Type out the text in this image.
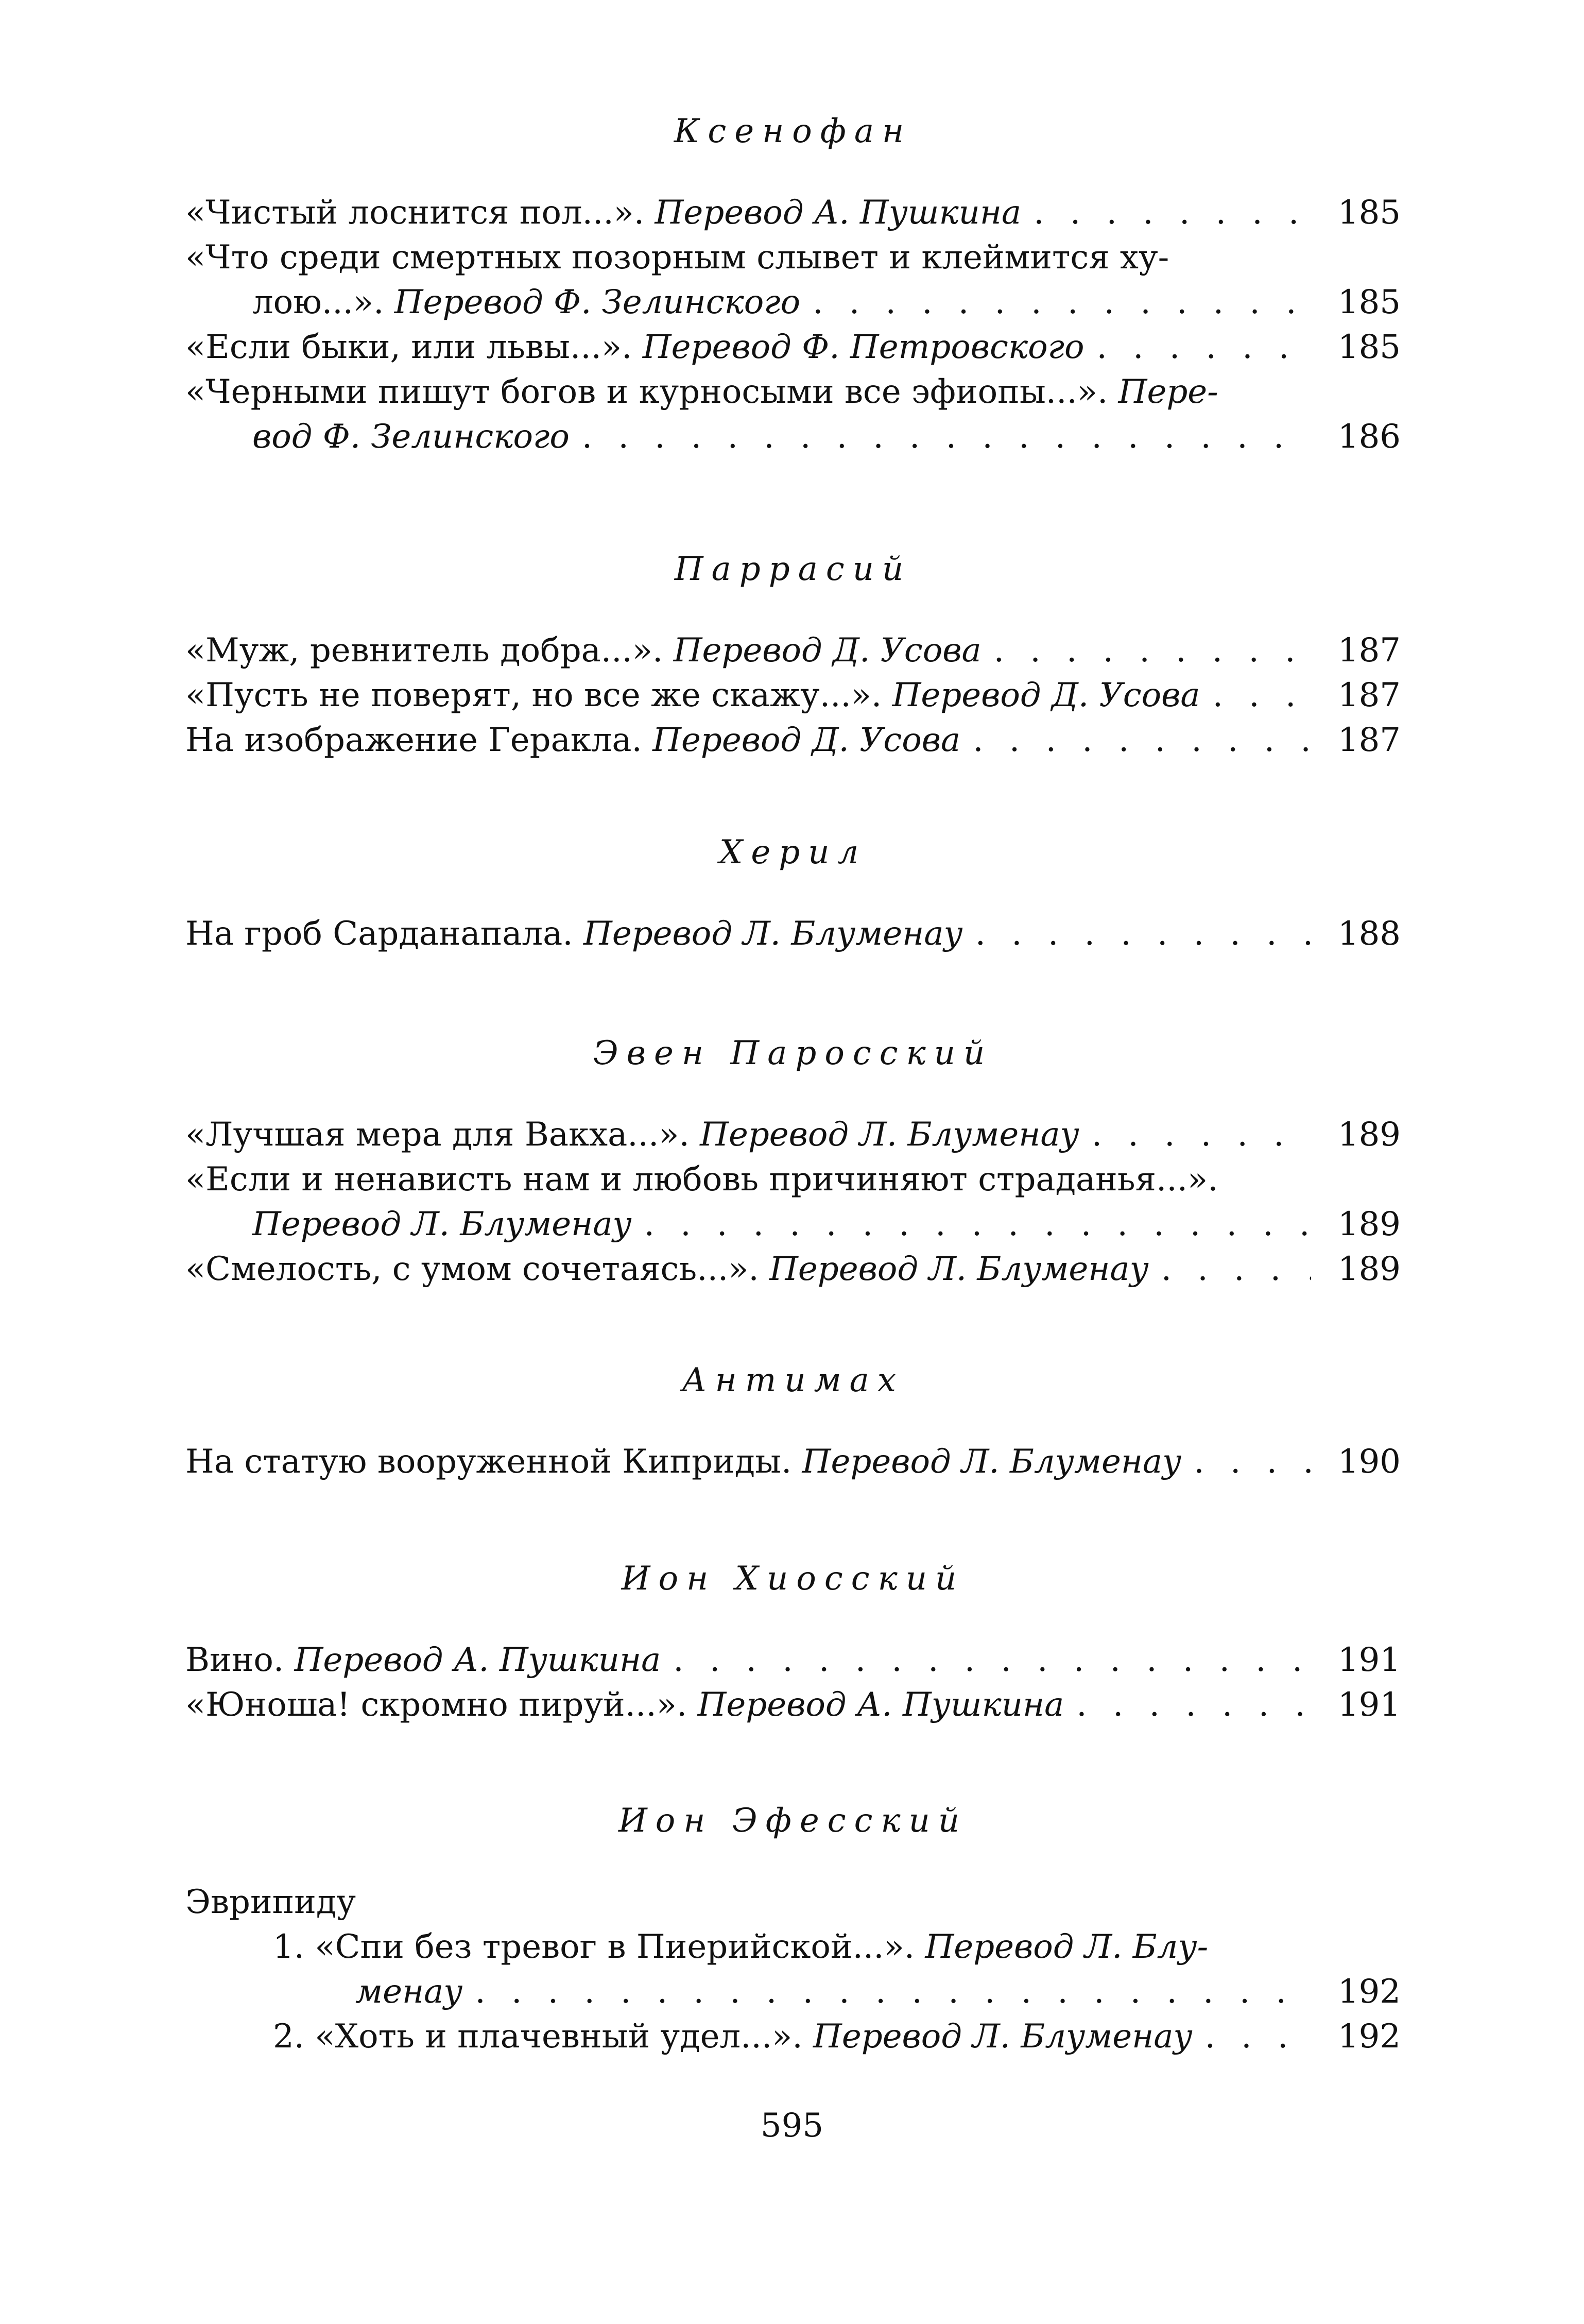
Ксенофан
«Чистый лоснится пол...». Перевод А. Пушкина . . .	185
«Что среди смертных позорным слывет и клеймится ху-
лою...». Перевод Ф. Зелинского . . .	185
«Если быки, или львы...». Перевод Ф. Петровского . . .	185
«Черными пишут богов и курносыми все эфиопы...». Пере-
вод Ф. Зелинского . . .	186
Паррасий
«Муж, ревнитель добра...». Перевод Д. Усова . . .	187
«Пусть не поверят, но все же скажу...». Перевод Д. Усова . . .	187
На изображение Геракла. Перевод Д. Усова . . .	187
Херил
На гроб Сарданапала. Перевод Л. Блуменау . . .	188
Эвен Паросский
«Лучшая мера для Вакха...». Перевод Л. Блуменау . . .	189
«Если и ненависть нам и любовь причиняют страданья...».
Перевод Л. Блуменау . . .	189
«Смелость, с умом сочетаясь...». Перевод Л. Блуменау . . .	189
Антимах
На статую вооруженной Киприды. Перевод Л. Блуменау . . .	190
Ион Хиосский
Вино. Перевод А. Пушкина . . .	191
«Юноша! скромно пируй...». Перевод А. Пушкина . . .	191
Ион Эфесский
Эврипиду
1. «Спи без тревог в Пиерийской...». Перевод Л. Блу-
менау . . .	192
2. «Хоть и плачевный удел...». Перевод Л. Блуменау . . .	192
595
